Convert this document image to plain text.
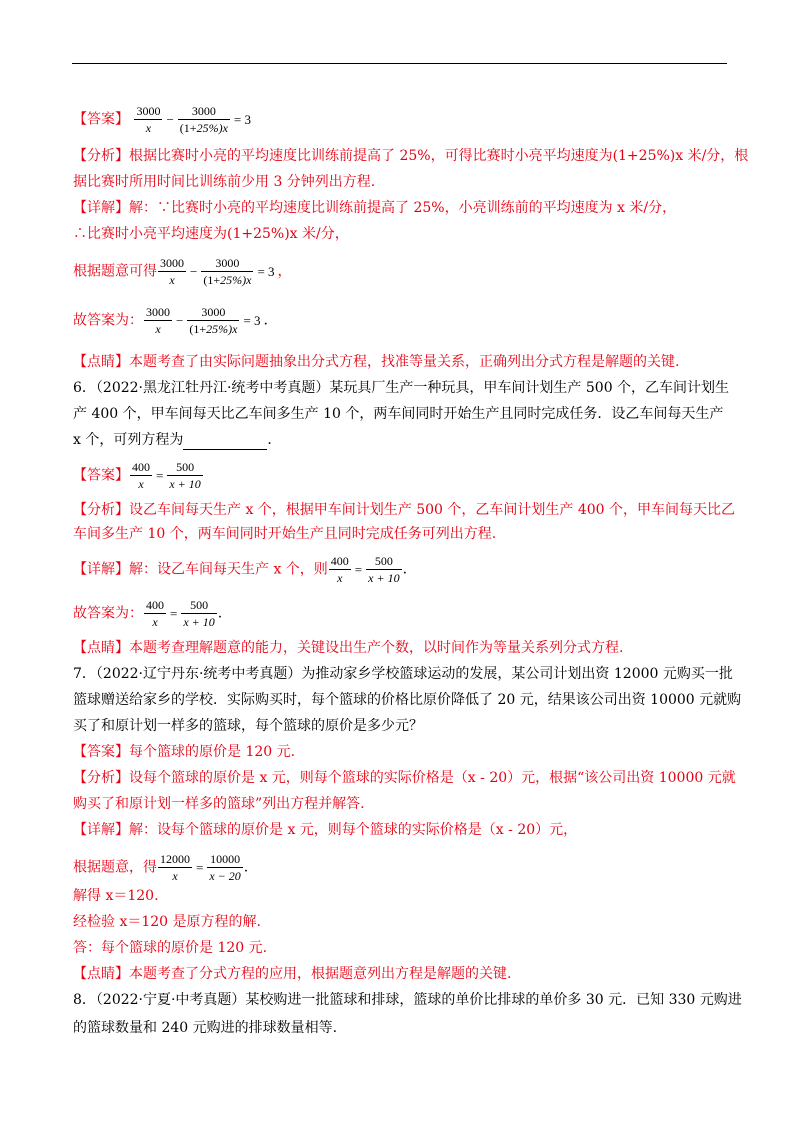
【答案】 $\frac{3000}{x} - \frac{3000}{(1+25\%)x} = 3$
【分析】根据比赛时小亮的平均速度比训练前提高了 25%，可得比赛时小亮平均速度为(1+25%)x 米/分，根
据比赛时所用时间比训练前少用 3 分钟列出方程.
【详解】解：∵比赛时小亮的平均速度比训练前提高了 25%，小亮训练前的平均速度为 x 米/分，
∴比赛时小亮平均速度为(1+25%)x 米/分，
根据题意可得 $\frac{3000}{x} - \frac{3000}{(1+25\%)x} = 3$ ，
故答案为： $\frac{3000}{x} - \frac{3000}{(1+25\%)x} = 3$ .
【点睛】本题考查了由实际问题抽象出分式方程，找准等量关系，正确列出分式方程是解题的关键.
6．（2022·黑龙江牡丹江·统考中考真题）某玩具厂生产一种玩具，甲车间计划生产 500 个，乙车间计划生
产 400 个，甲车间每天比乙车间多生产 10 个，两车间同时开始生产且同时完成任务．设乙车间每天生产
x 个，可列方程为	．
【答案】 $\frac{400}{x} = \frac{500}{x + 10}$
【分析】设乙车间每天生产 x 个，根据甲车间计划生产 500 个，乙车间计划生产 400 个，甲车间每天比乙
车间多生产 10 个，两车间同时开始生产且同时完成任务可列出方程.
【详解】解：设乙车间每天生产 x 个，则 $\frac{400}{x} = \frac{500}{x + 10}$ .
故答案为： $\frac{400}{x} = \frac{500}{x + 10}$ .
【点睛】本题考查理解题意的能力，关键设出生产个数，以时间作为等量关系列分式方程.
7．（2022·辽宁丹东·统考中考真题）为推动家乡学校篮球运动的发展，某公司计划出资 12000 元购买一批
篮球赠送给家乡的学校．实际购买时，每个篮球的价格比原价降低了 20 元，结果该公司出资 10000 元就购
买了和原计划一样多的篮球，每个篮球的原价是多少元？
【答案】每个篮球的原价是 120 元.
【分析】设每个篮球的原价是 x 元，则每个篮球的实际价格是（x - 20）元，根据“该公司出资 10000 元就
购买了和原计划一样多的篮球”列出方程并解答.
【详解】解：设每个篮球的原价是 x 元，则每个篮球的实际价格是（x - 20）元，
根据题意，得 $\frac{12000}{x} = \frac{10000}{x - 20}$ .
解得 x＝120.
经检验 x＝120 是原方程的解.
答：每个篮球的原价是 120 元.
【点睛】本题考查了分式方程的应用，根据题意列出方程是解题的关键.
8．（2022·宁夏·中考真题）某校购进一批篮球和排球，篮球的单价比排球的单价多 30 元．已知 330 元购进
的篮球数量和 240 元购进的排球数量相等.
